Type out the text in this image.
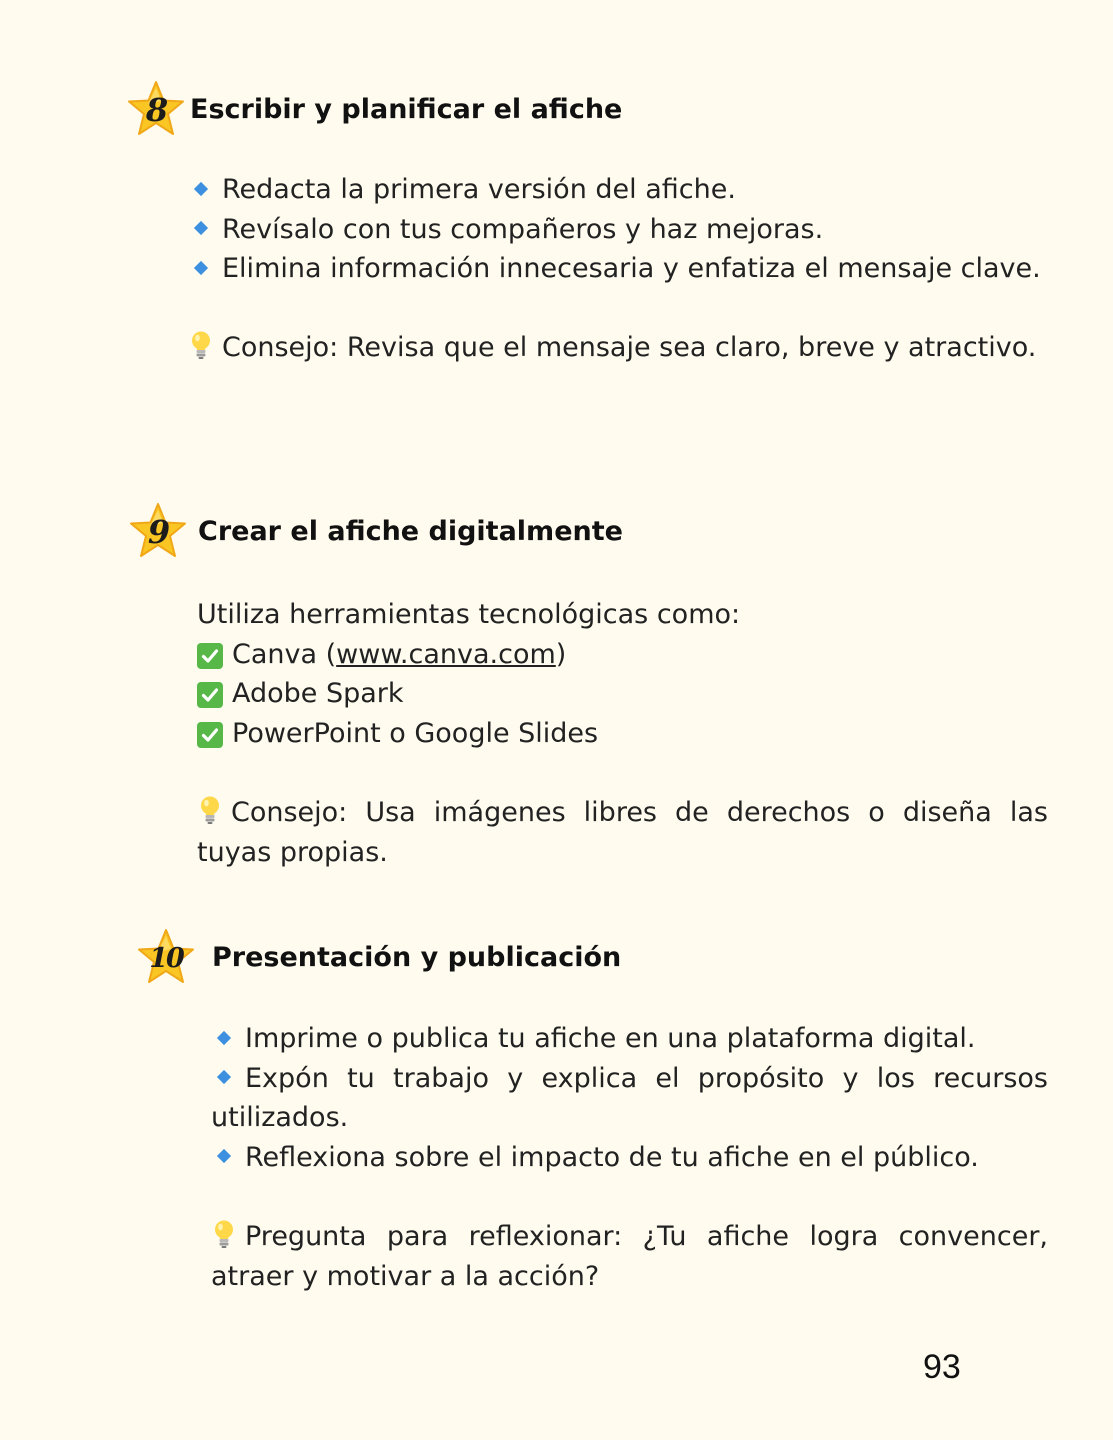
8 Escribir y planificar el afiche
Redacta la primera versión del afiche.
Revísalo con tus compañeros y haz mejoras.
Elimina información innecesaria y enfatiza el mensaje clave.
Consejo: Revisa que el mensaje sea claro, breve y atractivo.
9	Crear el afiche digitalmente
Utiliza herramientas tecnológicas como:
Canva (www.canva.com)
Adobe Spark
PowerPoint o Google Slides
Consejo: Usa imágenes libres de derechos o diseña las tuyas propias.
10	Presentación y publicación
Imprime o publica tu afiche en una plataforma digital.
Expón tu trabajo y explica el propósito y los recursos utilizados.
Reflexiona sobre el impacto de tu afiche en el público.
Pregunta para reflexionar: ¿Tu afiche logra convencer, atraer y motivar a la acción?
93
